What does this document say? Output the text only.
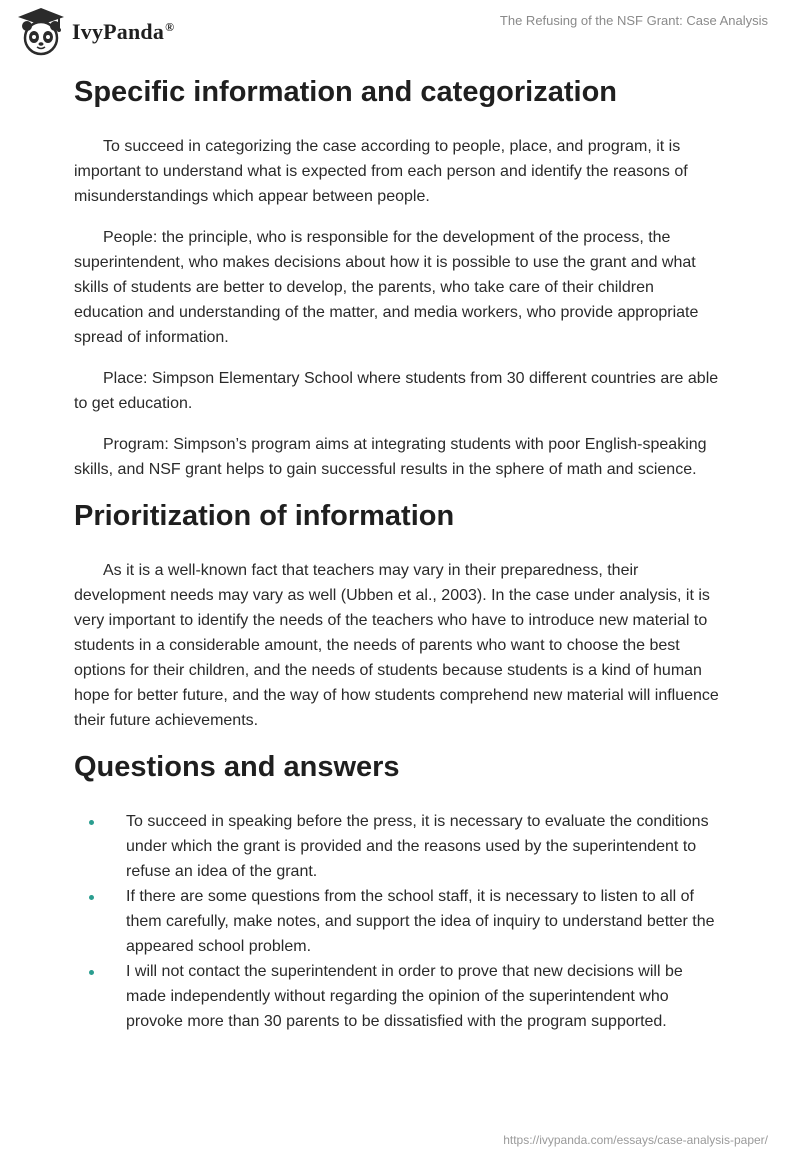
IvyPanda®	The Refusing of the NSF Grant: Case Analysis
Specific information and categorization

To succeed in categorizing the case according to people, place, and program, it is important to understand what is expected from each person and identify the reasons of misunderstandings which appear between people.

People: the principle, who is responsible for the development of the process, the superintendent, who makes decisions about how it is possible to use the grant and what skills of students are better to develop, the parents, who take care of their children education and understanding of the matter, and media workers, who provide appropriate spread of information.

Place: Simpson Elementary School where students from 30 different countries are able to get education.

Program: Simpson’s program aims at integrating students with poor English-speaking skills, and NSF grant helps to gain successful results in the sphere of math and science.

Prioritization of information

As it is a well-known fact that teachers may vary in their preparedness, their development needs may vary as well (Ubben et al., 2003). In the case under analysis, it is very important to identify the needs of the teachers who have to introduce new material to students in a considerable amount, the needs of parents who want to choose the best options for their children, and the needs of students because students is a kind of human hope for better future, and the way of how students comprehend new material will influence their future achievements.

Questions and answers
To succeed in speaking before the press, it is necessary to evaluate the conditions under which the grant is provided and the reasons used by the superintendent to refuse an idea of the grant.
If there are some questions from the school staff, it is necessary to listen to all of them carefully, make notes, and support the idea of inquiry to understand better the appeared school problem.
I will not contact the superintendent in order to prove that new decisions will be made independently without regarding the opinion of the superintendent who provoke more than 30 parents to be dissatisfied with the program supported.
https://ivypanda.com/essays/case-analysis-paper/
